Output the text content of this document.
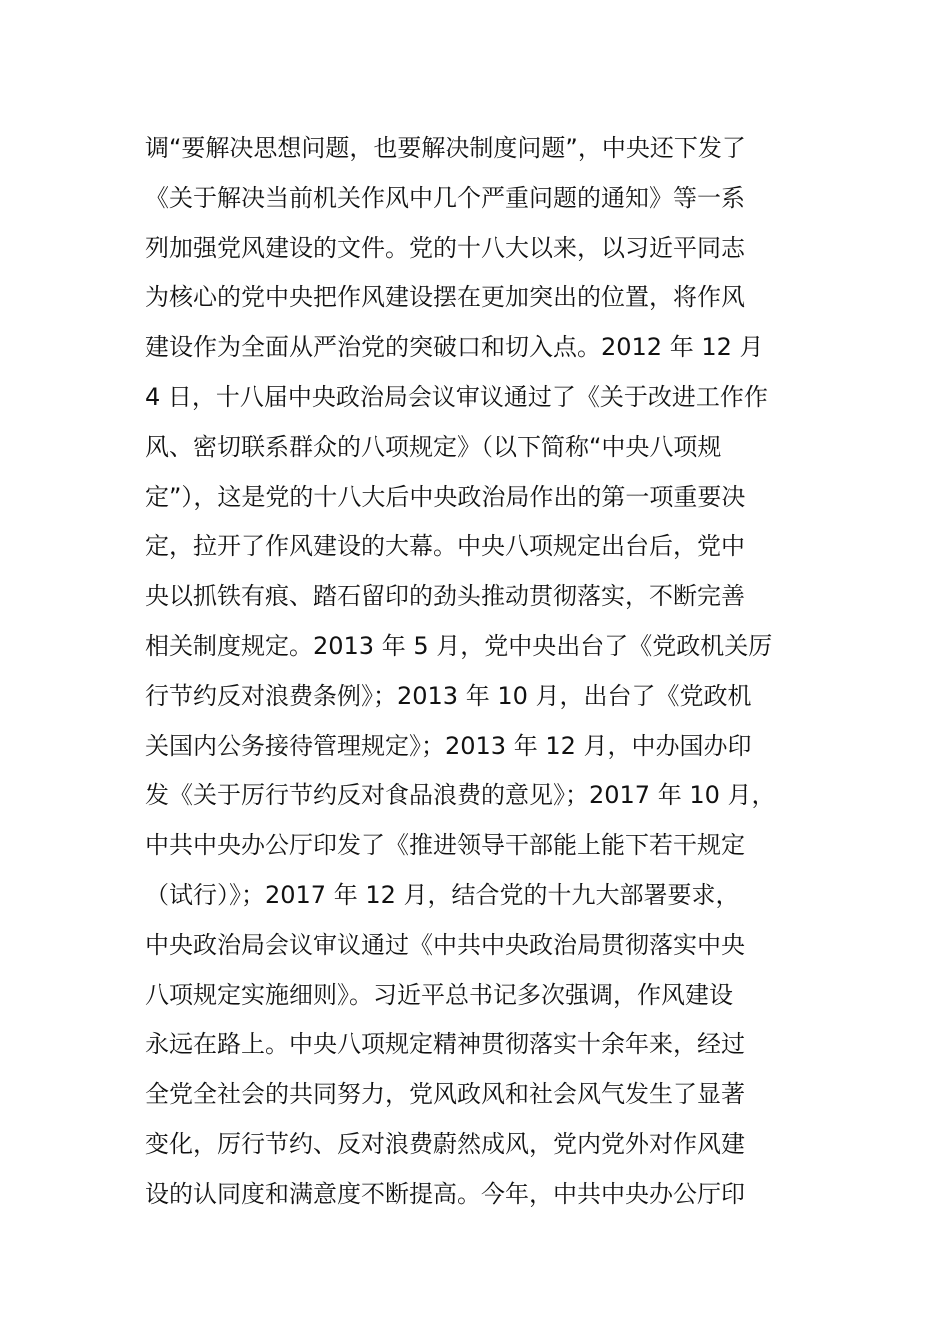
调“要解决思想问题，也要解决制度问题”，中央还下发了
《关于解决当前机关作风中几个严重问题的通知》等一系
列加强党风建设的文件。党的十八大以来，以习近平同志
为核心的党中央把作风建设摆在更加突出的位置，将作风
建设作为全面从严治党的突破口和切入点。2012 年 12 月
4 日，十八届中央政治局会议审议通过了《关于改进工作作
风、密切联系群众的八项规定》（以下简称“中央八项规
定”），这是党的十八大后中央政治局作出的第一项重要决
定，拉开了作风建设的大幕。中央八项规定出台后，党中
央以抓铁有痕、踏石留印的劲头推动贯彻落实，不断完善
相关制度规定。2013 年 5 月，党中央出台了《党政机关厉
行节约反对浪费条例》；2013 年 10 月，出台了《党政机
关国内公务接待管理规定》；2013 年 12 月，中办国办印
发《关于厉行节约反对食品浪费的意见》；2017 年 10 月，
中共中央办公厅印发了《推进领导干部能上能下若干规定
（试行）》；2017 年 12 月，结合党的十九大部署要求，
中央政治局会议审议通过《中共中央政治局贯彻落实中央
八项规定实施细则》。习近平总书记多次强调，作风建设
永远在路上。中央八项规定精神贯彻落实十余年来，经过
全党全社会的共同努力，党风政风和社会风气发生了显著
变化，厉行节约、反对浪费蔚然成风，党内党外对作风建
设的认同度和满意度不断提高。今年，中共中央办公厅印
